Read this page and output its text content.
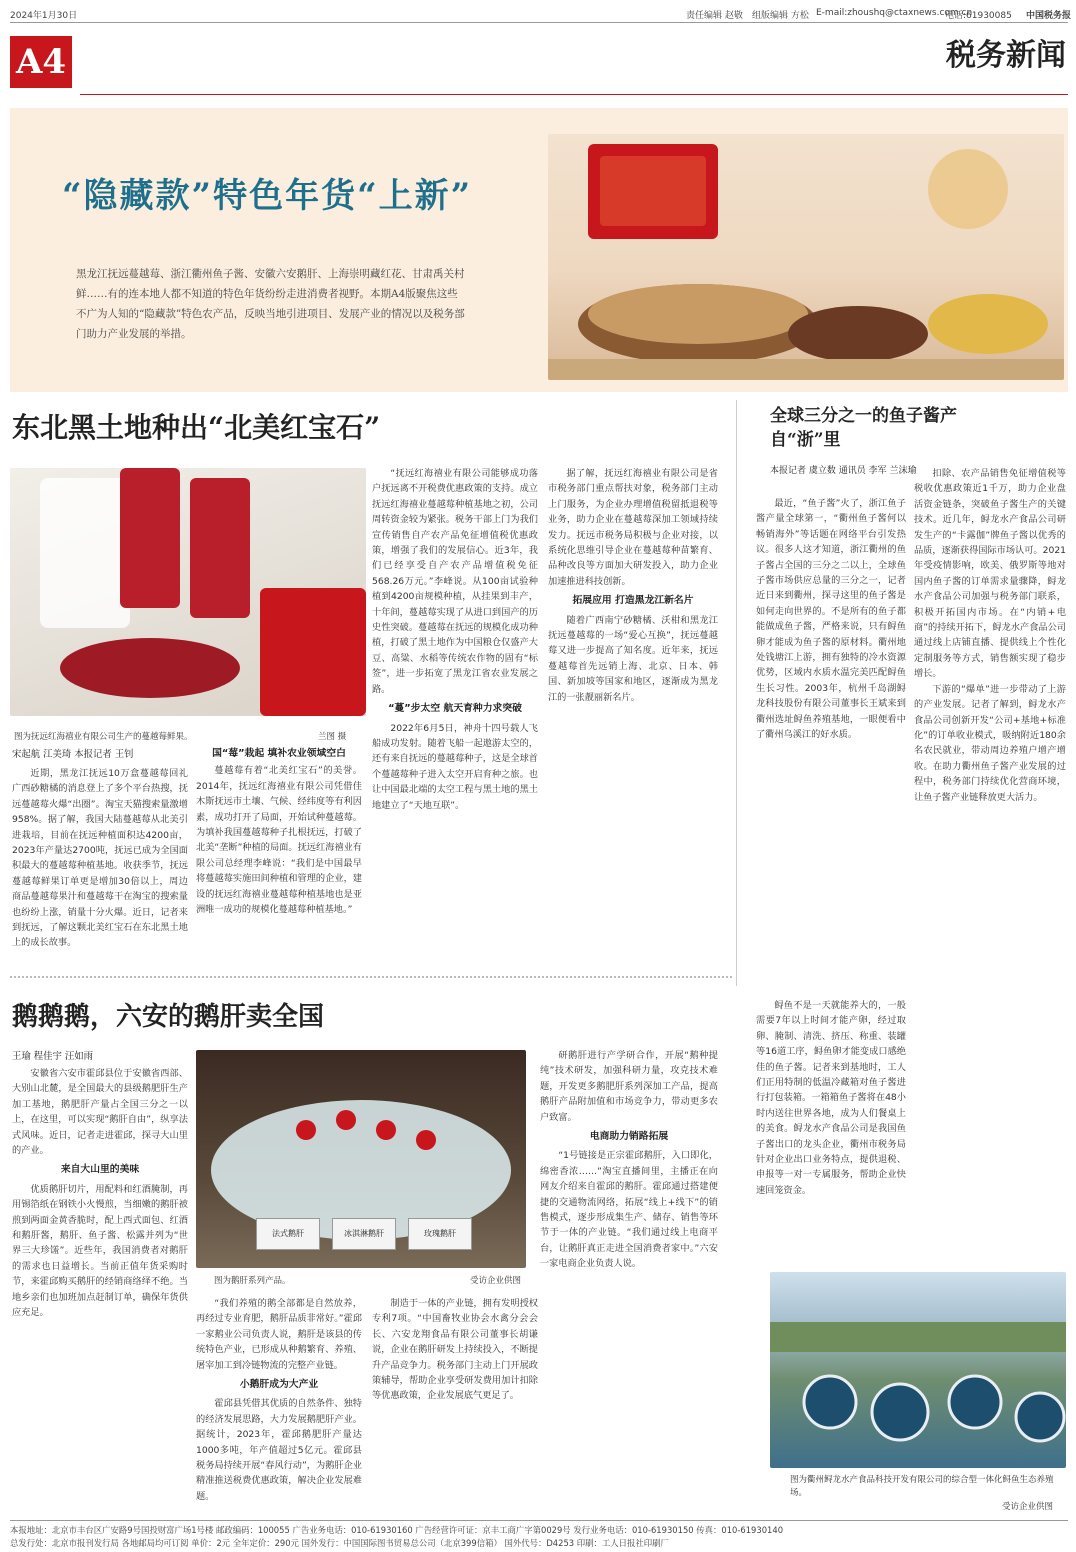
2024年1月30日	责任编辑 赵敬 组版编辑 方松 E-mail:zhoushq@ctaxnews.com.cn
电话:61930085 中国税务报
A4	税务新闻
“隐藏款”特色年货“上新”
黑龙江抚远蔓越莓、浙江衢州鱼子酱、安徽六安鹅肝、上海崇明藏红花、甘肃禹关村鲜……有的连本地人都不知道的特色年货纷纷走进消费者视野。本期A4版聚焦这些不广为人知的“隐藏款”特色农产品，反映当地引进项目、发展产业的情况以及税务部门助力产业发展的举措。
东北黑土地种出“北美红宝石”
图为抚远红海禧业有限公司生产的蔓越莓鲜果。	兰图 摄
宋起航 江美琦 本报记者 王钊

近期，黑龙江抚远10万盒蔓越莓回礼广西砂糖橘的消息登上了多个平台热搜，抚远蔓越莓火爆“出圈”。淘宝天猫搜索量激增958%。据了解，我国大陆蔓越莓从北美引进栽培，目前在抚远种植面积达4200亩，2023年产量达2700吨，抚远已成为全国面积最大的蔓越莓种植基地。收获季节，抚远蔓越莓鲜果订单更是增加30倍以上，周边商品蔓越莓果汁和蔓越莓干在淘宝的搜索量也纷纷上涨，销量十分火爆。近日，记者来到抚远，了解这颗北美红宝石在东北黑土地上的成长故事。

国“莓”栽起 填补农业领域空白

蔓越莓有着“北美红宝石”的美誉。2014年，抚远红海禧业有限公司凭借佳木斯抚远市土壤、气候、经纬度等有利因素，成功打开了局面，开始试种蔓越莓。为填补我国蔓越莓种子扎根抚远，打破了北美“垄断”种植的局面。抚远红海禧业有限公司总经理李峰说：“我们是中国最早将蔓越莓实施田间种植和管理的企业，建设的抚远红海禧业蔓越莓种植基地也是亚洲唯一成功的规模化蔓越莓种植基地。”

“抚远红海禧业有限公司能够成功落户抚远离不开税费优惠政策的支持。成立抚远红海禧业蔓越莓种植基地之初，公司周转资金较为紧张。税务干部上门为我们宣传销售自产农产品免征增值税优惠政策，增强了我们的发展信心。近3年，我们已经享受自产农产品增值税免征568.26万元。”李峰说。从100亩试验种植到4200亩规模种植，从挂果到丰产，十年间，蔓越莓实现了从进口到国产的历史性突破。蔓越莓在抚远的规模化成功种植，打破了黑土地作为中国粮仓仅盛产大豆、高粱、水稻等传统农作物的固有“标签”，进一步拓宽了黑龙江省农业发展之路。

“蔓”步太空 航天育种力求突破

2022年6月5日，神舟十四号载人飞船成功发射。随着飞船一起遨游太空的，还有来自抚远的蔓越莓种子，这是全球首个蔓越莓种子进入太空开启育种之旅。也让中国最北端的太空工程与黑土地的黑土地建立了“天地互联”。

据了解，抚远红海禧业有限公司是省市税务部门重点帮扶对象，税务部门主动上门服务，为企业办理增值税留抵退税等业务，助力企业在蔓越莓深加工领域持续发力。抚远市税务局积极与企业对接，以系统化思维引导企业在蔓越莓种苗繁育、品种改良等方面加大研发投入，助力企业加速推进科技创新。

拓展应用 打造黑龙江新名片

随着广西南宁砂糖橘、沃柑和黑龙江抚远蔓越莓的一场“爱心互换”，抚远蔓越莓又进一步提高了知名度。近年来，抚远蔓越莓首先远销上海、北京、日本、韩国、新加坡等国家和地区，逐渐成为黑龙江的一张靓丽新名片。

全球三分之一的鱼子酱产自“浙”里
本报记者 虞立数 通讯员 李军 兰沫瑜

最近，“鱼子酱”火了，浙江鱼子酱产量全球第一，“衢州鱼子酱何以畅销海外”等话题在网络平台引发热议。很多人这才知道，浙江衢州的鱼子酱占全国的三分之二以上，全球鱼子酱市场供应总量的三分之一，记者近日来到衢州，探寻这里的鱼子酱是如何走向世界的。不是所有的鱼子都能做成鱼子酱，严格来说，只有鲟鱼卵才能成为鱼子酱的原材料。衢州地处钱塘江上游，拥有独特的冷水资源优势，区域内水质水温完美匹配鲟鱼生长习性。2003年，杭州千岛湖鲟龙科技股份有限公司董事长王斌来到衢州选址鲟鱼养殖基地，一眼便看中了衢州乌溪江的好水质。

鲟鱼不是一天就能养大的，一般需要7年以上时间才能产卵，经过取卵、腌制、清洗、挤压、称重、装罐等16道工序，鲟鱼卵才能变成口感绝佳的鱼子酱。记者来到基地时，工人们正用特制的低温冷藏箱对鱼子酱进行打包装箱。一箱箱鱼子酱将在48小时内送往世界各地，成为人们餐桌上的美食。鲟龙水产食品公司是我国鱼子酱出口的龙头企业，衢州市税务局针对企业出口业务特点，提供退税、申报等一对一专属服务，帮助企业快速回笼资金。

扣除、农产品销售免征增值税等税收优惠政策近1千万，助力企业盘活资金链条，突破鱼子酱生产的关键技术。近几年，鲟龙水产食品公司研发生产的“卡露伽”牌鱼子酱以优秀的品质，逐渐获得国际市场认可。2021年受疫情影响，欧美、俄罗斯等地对国内鱼子酱的订单需求量骤降，鲟龙水产食品公司加强与税务部门联系，积极开拓国内市场。在“内销+电商”的持续开拓下，鲟龙水产食品公司通过线上店铺直播、提供线上个性化定制服务等方式，销售额实现了稳步增长。

下游的“爆单”进一步带动了上游的产业发展。记者了解到，鲟龙水产食品公司创新开发“公司+基地+标准化”的订单收业模式，吸纳附近180余名农民就业，带动周边养殖户增产增收。在助力衢州鱼子酱产业发展的过程中，税务部门持续优化营商环境，让鱼子酱产业链释放更大活力。

图为衢州鲟龙水产食品科技开发有限公司的综合型一体化鲟鱼生态养殖场。
受访企业供图
鹅鹅鹅，六安的鹅肝卖全国
王瑜 程佳宇 汪如雨

安徽省六安市霍邱县位于安徽省西部、大别山北麓，是全国最大的县级鹅肥肝生产加工基地，鹅肥肝产量占全国三分之一以上，在这里，可以实现“鹅肝自由”，纵享法式风味。近日，记者走进霍邱，探寻大山里的产业。

来自大山里的美味

优质鹅肝切片，用配料和红酒腌制，再用锡箔纸在钢铁小火慢煎，当细嫩的鹅肝被煎到两面金黄香脆时，配上西式面包、红酒和鹅肝酱，鹅肝、鱼子酱、松露并列为“世界三大珍馐”。近些年，我国消费者对鹅肝的需求也日益增长。当前正值年货采购时节，来霍邱购买鹅肝的经销商络绎不绝。当地乡亲们也加班加点赶制订单，确保年货供应充足。

法式鹅肝	冰淇淋鹅肝	玫瑰鹅肝
图为鹅肝系列产品。	受访企业供图

“我们养殖的鹅全部都是自然放养，再经过专业育肥，鹅肝品质非常好。”霍邱一家鹅业公司负责人说，鹅肝是该县的传统特色产业，已形成从种鹅繁育、养殖、屠宰加工到冷链物流的完整产业链。

小鹅肝成为大产业

霍邱县凭借其优质的自然条件、独特的经济发展思路，大力发展鹅肥肝产业。据统计，2023年，霍邱鹅肥肝产量达1000多吨，年产值超过5亿元。霍邱县税务局持续开展“春风行动”，为鹅肝企业精准推送税费优惠政策，解决企业发展难题。

制造于一体的产业链，拥有发明授权专利7项。“中国畜牧业协会水禽分会会长、六安龙翔食品有限公司董事长胡谦说，企业在鹅肝研发上持续投入，不断提升产品竞争力。税务部门主动上门开展政策辅导，帮助企业享受研发费用加计扣除等优惠政策，企业发展底气更足了。

研鹅肝进行产学研合作，开展“鹅种提纯”技术研发，加强科研力量，攻克技术难题，开发更多鹅肥肝系列深加工产品，提高鹅肝产品附加值和市场竞争力，带动更多农户致富。

电商助力销路拓展

“1号链接是正宗霍邱鹅肝，入口即化，绵密香浓……”淘宝直播间里，主播正在向网友介绍来自霍邱的鹅肝。霍邱通过搭建便捷的交通物流网络，拓展“线上+线下”的销售模式，逐步形成集生产、储存、销售等环节于一体的产业链。“我们通过线上电商平台，让鹅肝真正走进全国消费者家中。”六安一家电商企业负责人说。

本报地址：北京市丰台区广安路9号国投财富广场1号楼 邮政编码：100055 广告业务电话：010-61930160 广告经营许可证：京丰工商广字第0029号 发行业务电话：010-61930150 传真：010-61930140
总发行处：北京市报刊发行局 各地邮局均可订阅 单价：2元 全年定价：290元 国外发行：中国国际图书贸易总公司（北京399信箱） 国外代号：D4253 印刷：工人日报社印刷厂
